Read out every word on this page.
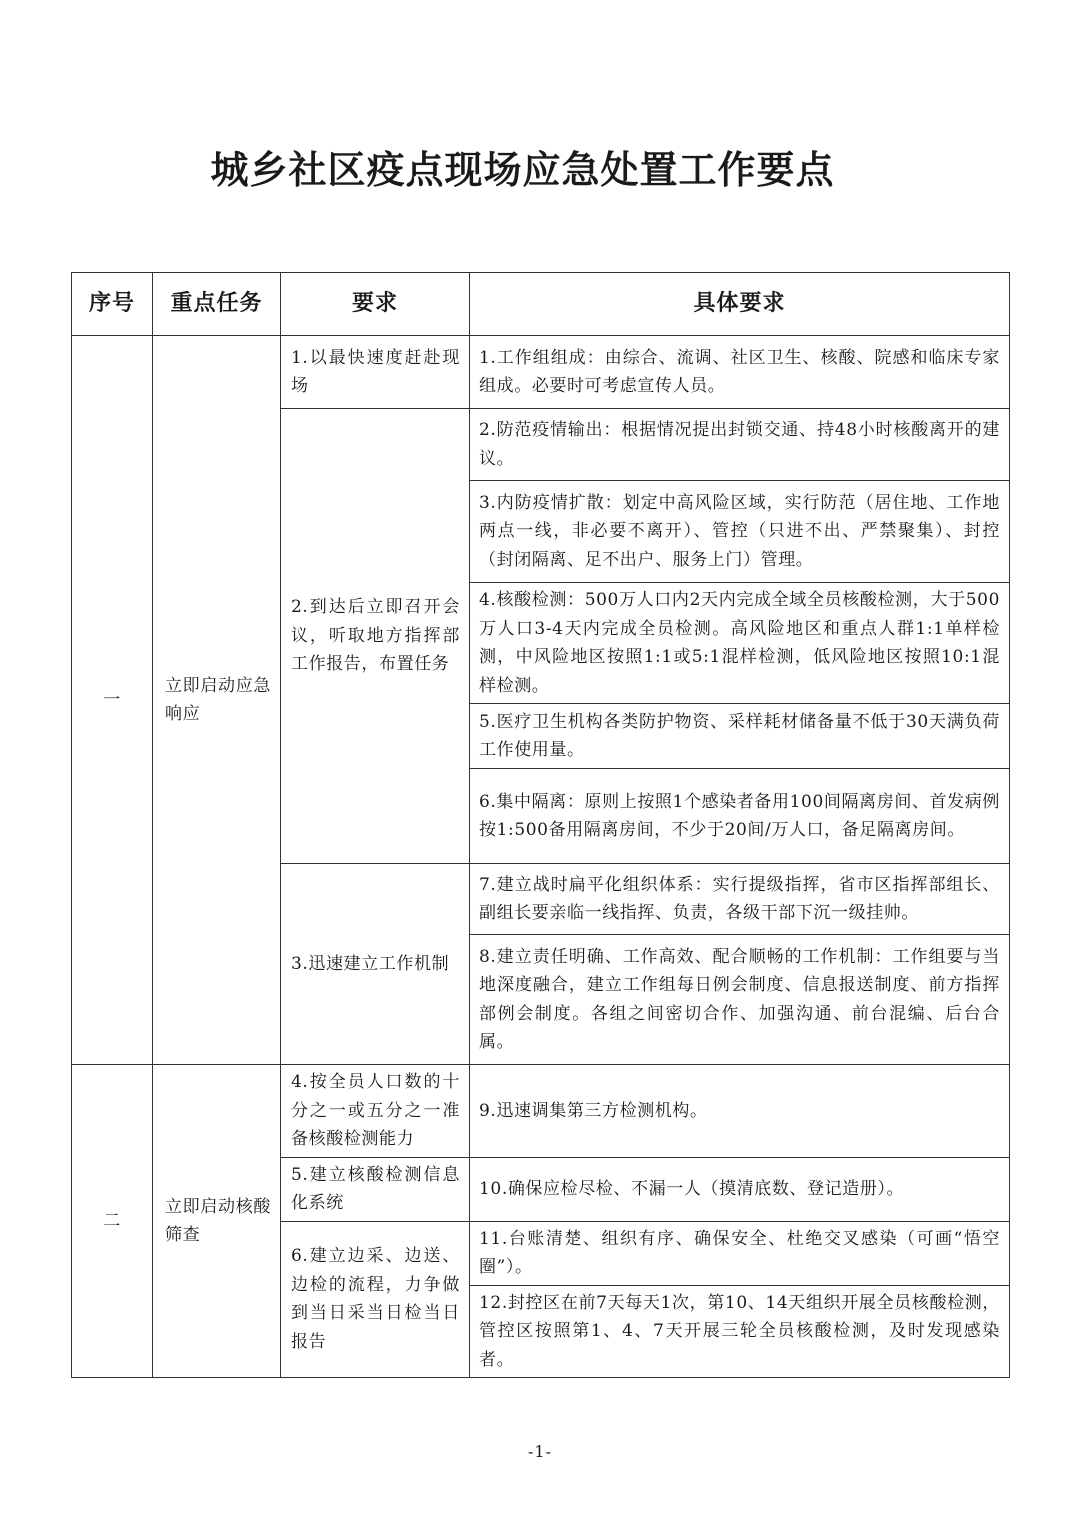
城乡社区疫点现场应急处置工作要点
序号	重点任务	要求	具体要求
一	立即启动应急响应	1.以最快速度赶赴现场	1.工作组组成：由综合、流调、社区卫生、核酸、院感和临床专家组成。必要时可考虑宣传人员。
		2.到达后立即召开会议，听取地方指挥部工作报告，布置任务	2.防范疫情输出：根据情况提出封锁交通、持48小时核酸离开的建议。
			3.内防疫情扩散：划定中高风险区域，实行防范（居住地、工作地两点一线，非必要不离开）、管控（只进不出、严禁聚集）、封控（封闭隔离、足不出户、服务上门）管理。
			4.核酸检测：500万人口内2天内完成全域全员核酸检测，大于500万人口3-4天内完成全员检测。高风险地区和重点人群1:1单样检测，中风险地区按照1:1或5:1混样检测，低风险地区按照10:1混样检测。
			5.医疗卫生机构各类防护物资、采样耗材储备量不低于30天满负荷工作使用量。
			6.集中隔离：原则上按照1个感染者备用100间隔离房间、首发病例按1:500备用隔离房间，不少于20间/万人口，备足隔离房间。
		3.迅速建立工作机制	7.建立战时扁平化组织体系：实行提级指挥，省市区指挥部组长、副组长要亲临一线指挥、负责，各级干部下沉一级挂帅。
			8.建立责任明确、工作高效、配合顺畅的工作机制：工作组要与当地深度融合，建立工作组每日例会制度、信息报送制度、前方指挥部例会制度。各组之间密切合作、加强沟通、前台混编、后台合属。
二	立即启动核酸筛查	4.按全员人口数的十分之一或五分之一准备核酸检测能力	9.迅速调集第三方检测机构。
		5.建立核酸检测信息化系统	10.确保应检尽检、不漏一人（摸清底数、登记造册）。
		6.建立边采、边送、边检的流程，力争做到当日采当日检当日报告	11.台账清楚、组织有序、确保安全、杜绝交叉感染（可画“悟空圈”）。
			12.封控区在前7天每天1次，第10、14天组织开展全员核酸检测，管控区按照第1、4、7天开展三轮全员核酸检测，及时发现感染者。
-1-
